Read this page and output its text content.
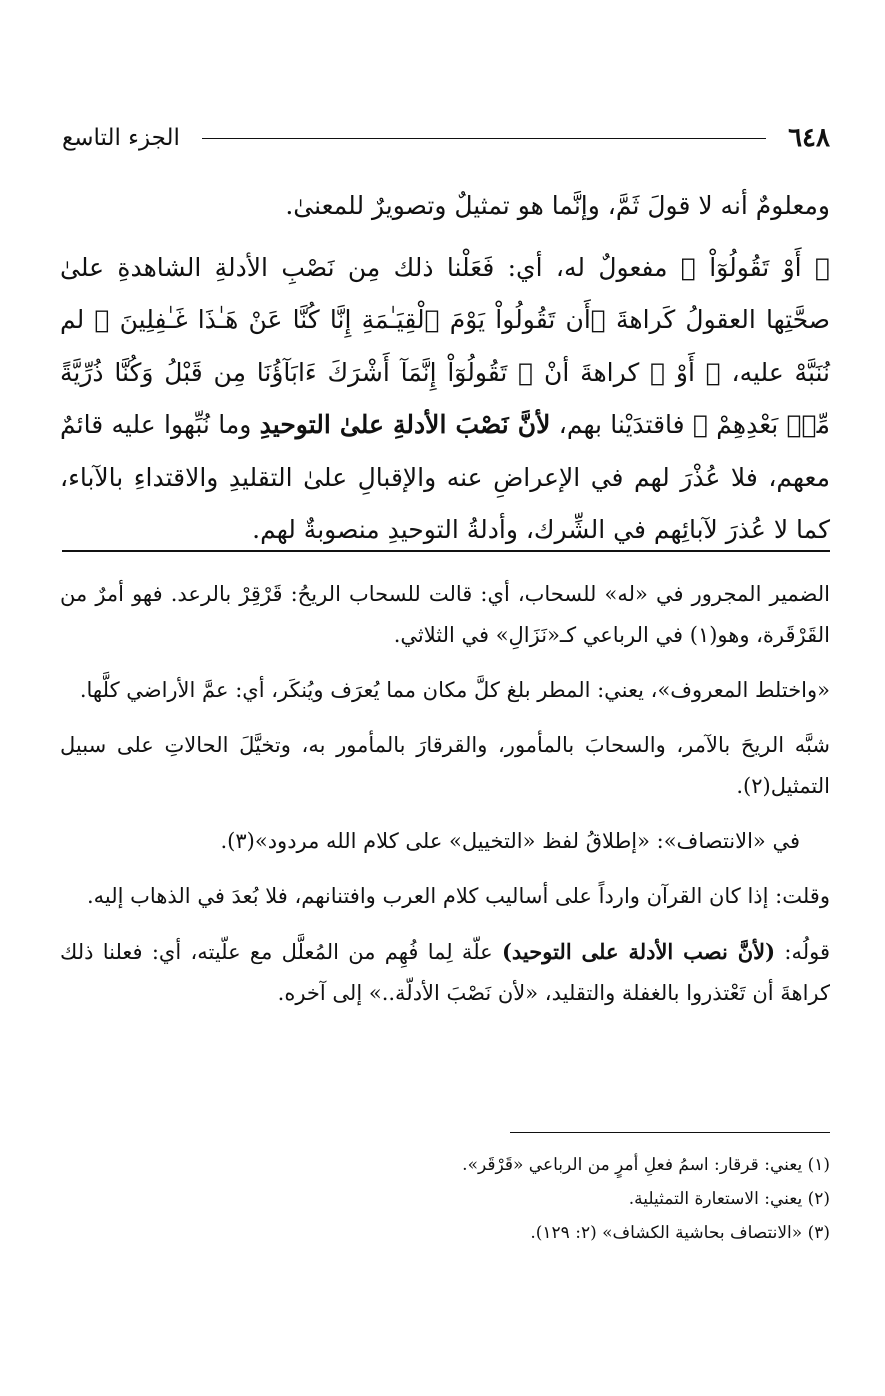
٦٤٨
الجزء التاسع

ومعلومٌ أنه لا قولَ ثَمَّ، وإنَّما هو تمثيلٌ وتصويرٌ للمعنىٰ.

﴿ أَوْ تَقُولُوٓاْ ﴾ مفعولٌ له، أي: فَعَلْنا ذلك مِن نَصْبِ الأدلةِ الشاهدةِ علىٰ صحَّتِها العقولُ كَراهةَ ﴿أَن تَقُولُواْ يَوْمَ ٱلْقِيَـٰمَةِ إِنَّا كُنَّا عَنْ هَـٰذَا غَـٰفِلِينَ ﴾ لم نُنَبَّهْ عليه، ﴿ أَوْ ﴾ كراهةَ أنْ ﴿ تَقُولُوٓاْ إِنَّمَآ أَشْرَكَ ءَابَآؤُنَا مِن قَبْلُ وَكُنَّا ذُرِّيَّةً مِّنۢ بَعْدِهِمْ ﴾ فاقتدَيْنا بهم، لأنَّ نَصْبَ الأدلةِ علىٰ التوحيدِ وما نُبِّهوا عليه قائمٌ معهم، فلا عُذْرَ لهم في الإعراضِ عنه والإقبالِ علىٰ التقليدِ والاقتداءِ بالآباء، كما لا عُذرَ لآبائِهم في الشِّرك، وأدلةُ التوحيدِ منصوبةٌ لهم.

الضمير المجرور في «له» للسحاب، أي: قالت للسحاب الريحُ: قَرْقِرْ بالرعد. فهو أمرٌ من القَرْقَرة، وهو(١) في الرباعي كـ«نَزَالِ» في الثلاثي.

«واختلط المعروف»، يعني: المطر بلغ كلَّ مكان مما يُعرَف ويُنكَر، أي: عمَّ الأراضي كلَّها.

شبَّه الريحَ بالآمر، والسحابَ بالمأمور، والقرقارَ بالمأمور به، وتخيَّلَ الحالاتِ على سبيل التمثيل(٢).

في «الانتصاف»: «إطلاقُ لفظ «التخييل» على كلام الله مردود»(٣).

وقلت: إذا كان القرآن وارداً على أساليب كلام العرب وافتنانهم، فلا بُعدَ في الذهاب إليه.

قولُه: (لأنَّ نصب الأدلة على التوحيد) علّة لِما فُهِم من المُعلَّل مع علّيته، أي: فعلنا ذلك كراهةَ أن تَعْتذروا بالغفلة والتقليد، «لأن نَصْبَ الأدلّة..» إلى آخره.

(١) يعني: قرقار: اسمُ فعلِ أمرٍ من الرباعي «قَرْقَر».

(٢) يعني: الاستعارة التمثيلية.

(٣) «الانتصاف بحاشية الكشاف» (٢: ١٢٩).
